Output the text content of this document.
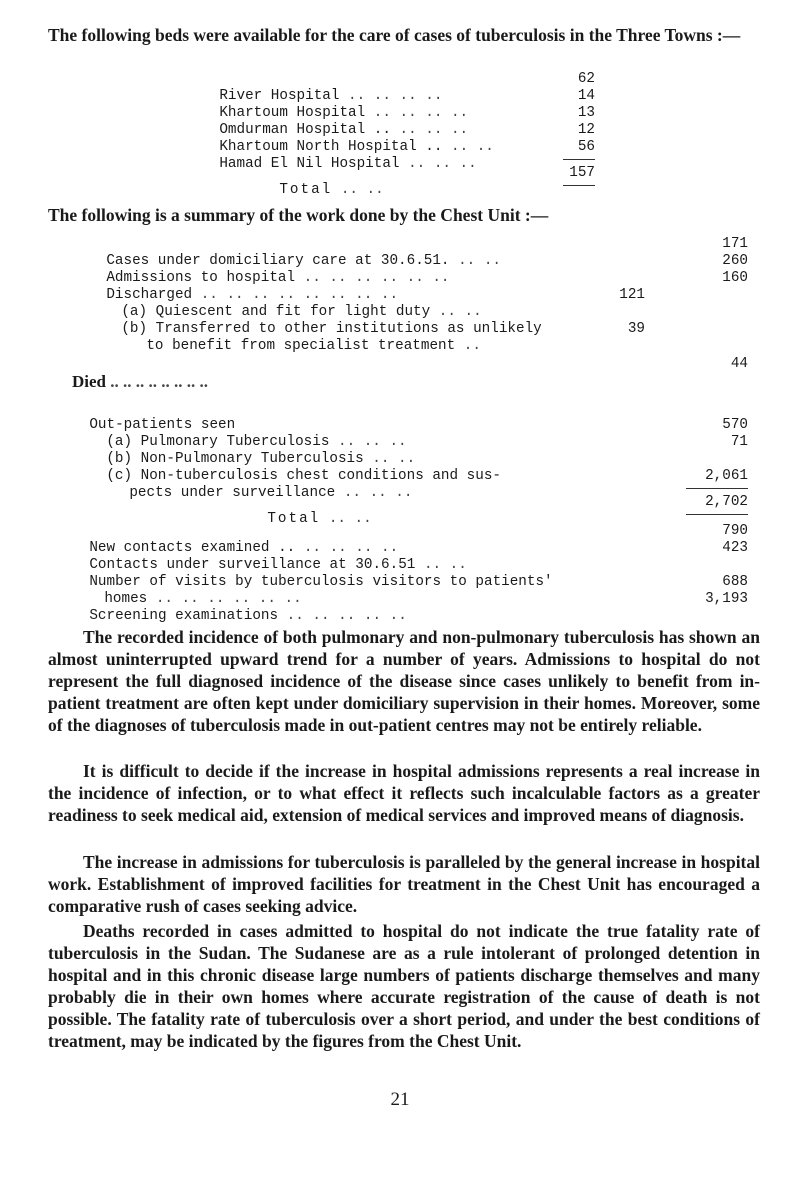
The following beds were available for the care of cases of tuberculosis in the Three Towns :—

River Hospital .. .. .. ..

62

Khartoum Hospital .. .. .. ..

14

Omdurman Hospital .. .. .. ..

13

Khartoum North Hospital .. .. ..

12

Hamad El Nil Hospital .. .. ..

56

Total .. ..

157
The following is a summary of the work done by the Chest Unit :—

Cases under domiciliary care at 30.6.51. .. ..

171

Admissions to hospital .. .. .. .. .. ..

260

Discharged .. .. .. .. .. .. .. ..

160

(a) Quiescent and fit for light duty .. ..

121

(b) Transferred to other institutions as unlikely

to benefit from specialist treatment ..

39

Died .. .. .. .. .. .. .. ..

44

Out-patients seen

(a) Pulmonary Tuberculosis .. .. ..

570

(b) Non-Pulmonary Tuberculosis .. ..

71

(c) Non-tuberculosis chest conditions and sus-

pects under surveillance .. .. ..

2,061

Total .. ..

2,702

New contacts examined .. .. .. .. ..

790

Contacts under surveillance at 30.6.51 .. ..

423

Number of visits by tuberculosis visitors to patients'

homes .. .. .. .. .. ..

688

Screening examinations .. .. .. .. ..

3,193
The recorded incidence of both pulmonary and non-pulmonary tuberculosis has shown an almost uninterrupted upward trend for a number of years. Admissions to hospital do not represent the full diagnosed incidence of the disease since cases unlikely to benefit from in-patient treatment are often kept under domiciliary supervision in their homes. Moreover, some of the diagnoses of tuberculosis made in out-patient centres may not be entirely reliable.
It is difficult to decide if the increase in hospital admissions represents a real increase in the incidence of infection, or to what effect it reflects such incalculable factors as a greater readiness to seek medical aid, extension of medical services and improved means of diagnosis.
The increase in admissions for tuberculosis is paralleled by the general increase in hospital work. Establishment of improved facilities for treatment in the Chest Unit has encouraged a comparative rush of cases seeking advice.
Deaths recorded in cases admitted to hospital do not indicate the true fatality rate of tuberculosis in the Sudan. The Sudanese are as a rule intolerant of prolonged detention in hospital and in this chronic disease large numbers of patients discharge themselves and many probably die in their own homes where accurate registration of the cause of death is not possible. The fatality rate of tuberculosis over a short period, and under the best conditions of treatment, may be indicated by the figures from the Chest Unit.
21
